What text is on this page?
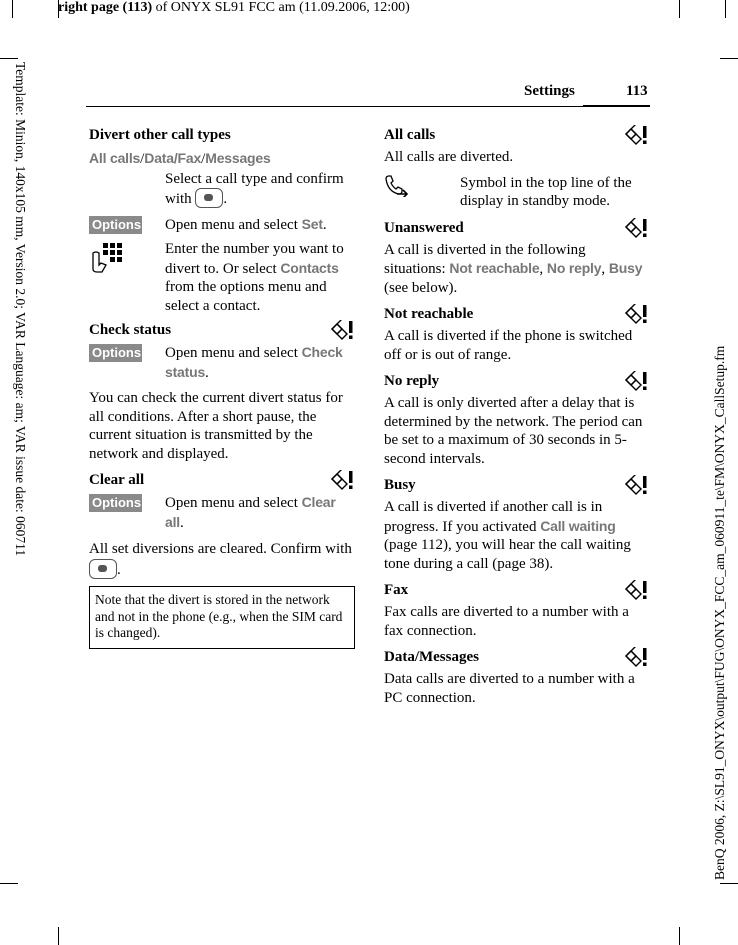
right page (113) of ONYX SL91 FCC am (11.09.2006, 12:00)
Template: Minion, 140x105 mm, Version 2.0; VAR Language: am; VAR issue date: 060711
BenQ 2006, Z:\SL91_ONYX\output\FUG\ONYX_FCC_am_060911_te\FM\ONYX_CallSetup.fm
Settings	113
Divert other call types

All calls/Data/Fax/Messages

Select a call type and confirm with .
Options Open menu and select Set.
Enter the number you want to divert to. Or select Contacts from the options menu and select a contact.
Check status
Options Open menu and select Check status.

You can check the current divert status for all conditions. After a short pause, the current situation is transmitted by the network and displayed.

Clear all
Options Open menu and select Clear all.

All set diversions are cleared. Confirm with .

Note that the divert is stored in the network and not in the phone (e.g., when the SIM card is changed).
All calls

All calls are diverted.

Symbol in the top line of the display in standby mode.
Unanswered

A call is diverted in the following situations: Not reachable, No reply, Busy (see below).

Not reachable

A call is diverted if the phone is switched off or is out of range.

No reply

A call is only diverted after a delay that is determined by the network. The period can be set to a maximum of 30 seconds in 5-second intervals.

Busy

A call is diverted if another call is in progress. If you activated Call waiting (page 112), you will hear the call waiting tone during a call (page 38).

Fax

Fax calls are diverted to a number with a fax connection.

Data/Messages

Data calls are diverted to a number with a PC connection.
